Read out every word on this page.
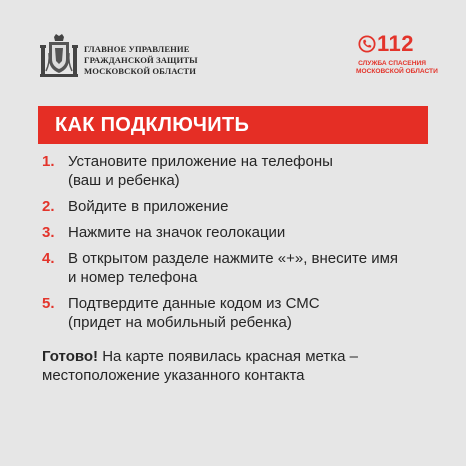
ГЛАВНОЕ УПРАВЛЕНИЕ
ГРАЖДАНСКОЙ ЗАЩИТЫ
МОСКОВСКОЙ ОБЛАСТИ
112
СЛУЖБА СПАСЕНИЯ
МОСКОВСКОЙ ОБЛАСТИ
КАК ПОДКЛЮЧИТЬ
1. Установите приложение на телефоны
(ваш и ребенка)
2. Войдите в приложение
3. Нажмите на значок геолокации
4. В открытом разделе нажмите «+», внесите имя
и номер телефона
5. Подтвердите данные кодом из СМС
(придет на мобильный ребенка)
Готово! На карте появилась красная метка –
местоположение указанного контакта
